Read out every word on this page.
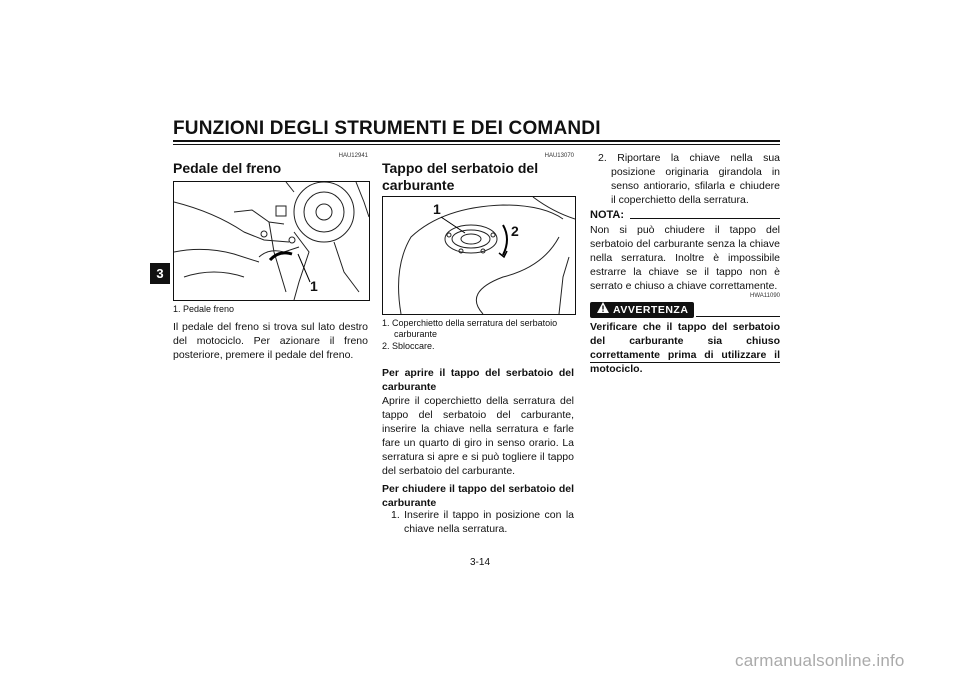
FUNZIONI DEGLI STRUMENTI E DEI COMANDI
3
HAU12941
Pedale del freno
1
1. Pedale freno
Il pedale del freno si trova sul lato destro del motociclo. Per azionare il freno posteriore, premere il pedale del freno.
HAU13070
Tappo del serbatoio del
carburante
1
2
1. Coperchietto della serratura del serbatoio carburante
2. Sbloccare.
Per aprire il tappo del serbatoio del carburante
Aprire il coperchietto della serratura del tappo del serbatoio del carburante, inserire la chiave nella serratura e farle fare un quarto di giro in senso orario. La serratura si apre e si può togliere il tappo del serbatoio del carburante.
Per chiudere il tappo del serbatoio del carburante
1. Inserire il tappo in posizione con la chiave nella serratura.
2. Riportare la chiave nella sua posizione originaria girandola in senso antiorario, sfilarla e chiudere il coperchietto della serratura.
NOTA:
Non si può chiudere il tappo del serbatoio del carburante senza la chiave nella serratura. Inoltre è impossibile estrarre la chiave se il tappo non è serrato e chiuso a chiave correttamente.
HWA11090
AVVERTENZA
Verificare che il tappo del serbatoio del carburante sia chiuso correttamente prima di utilizzare il motociclo.
3-14
carmanualsonline.info
